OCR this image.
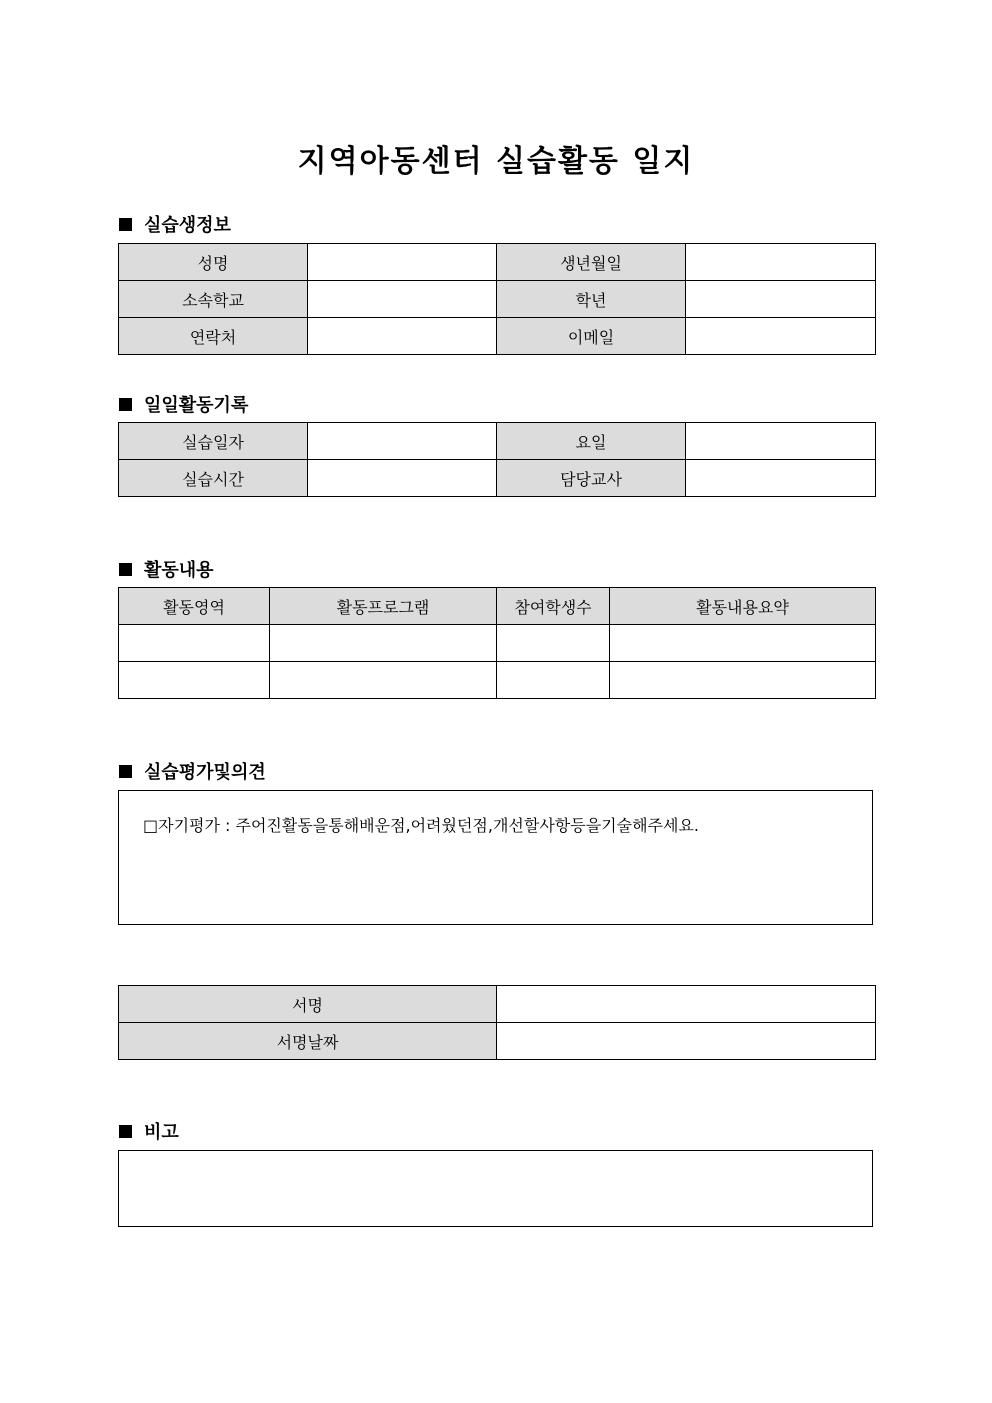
지역아동센터 실습활동 일지
실습생정보
성명		생년월일	
소속학교		학년	
연락처		이메일	
일일활동기록
실습일자		요일	
실습시간		담당교사	
활동내용
활동영역	활동프로그램	참여학생수	활동내용요약

실습평가및의견
□자기평가 : 주어진활동을통해배운점,어려웠던점,개선할사항등을기술해주세요.
서명	
서명날짜	
비고
